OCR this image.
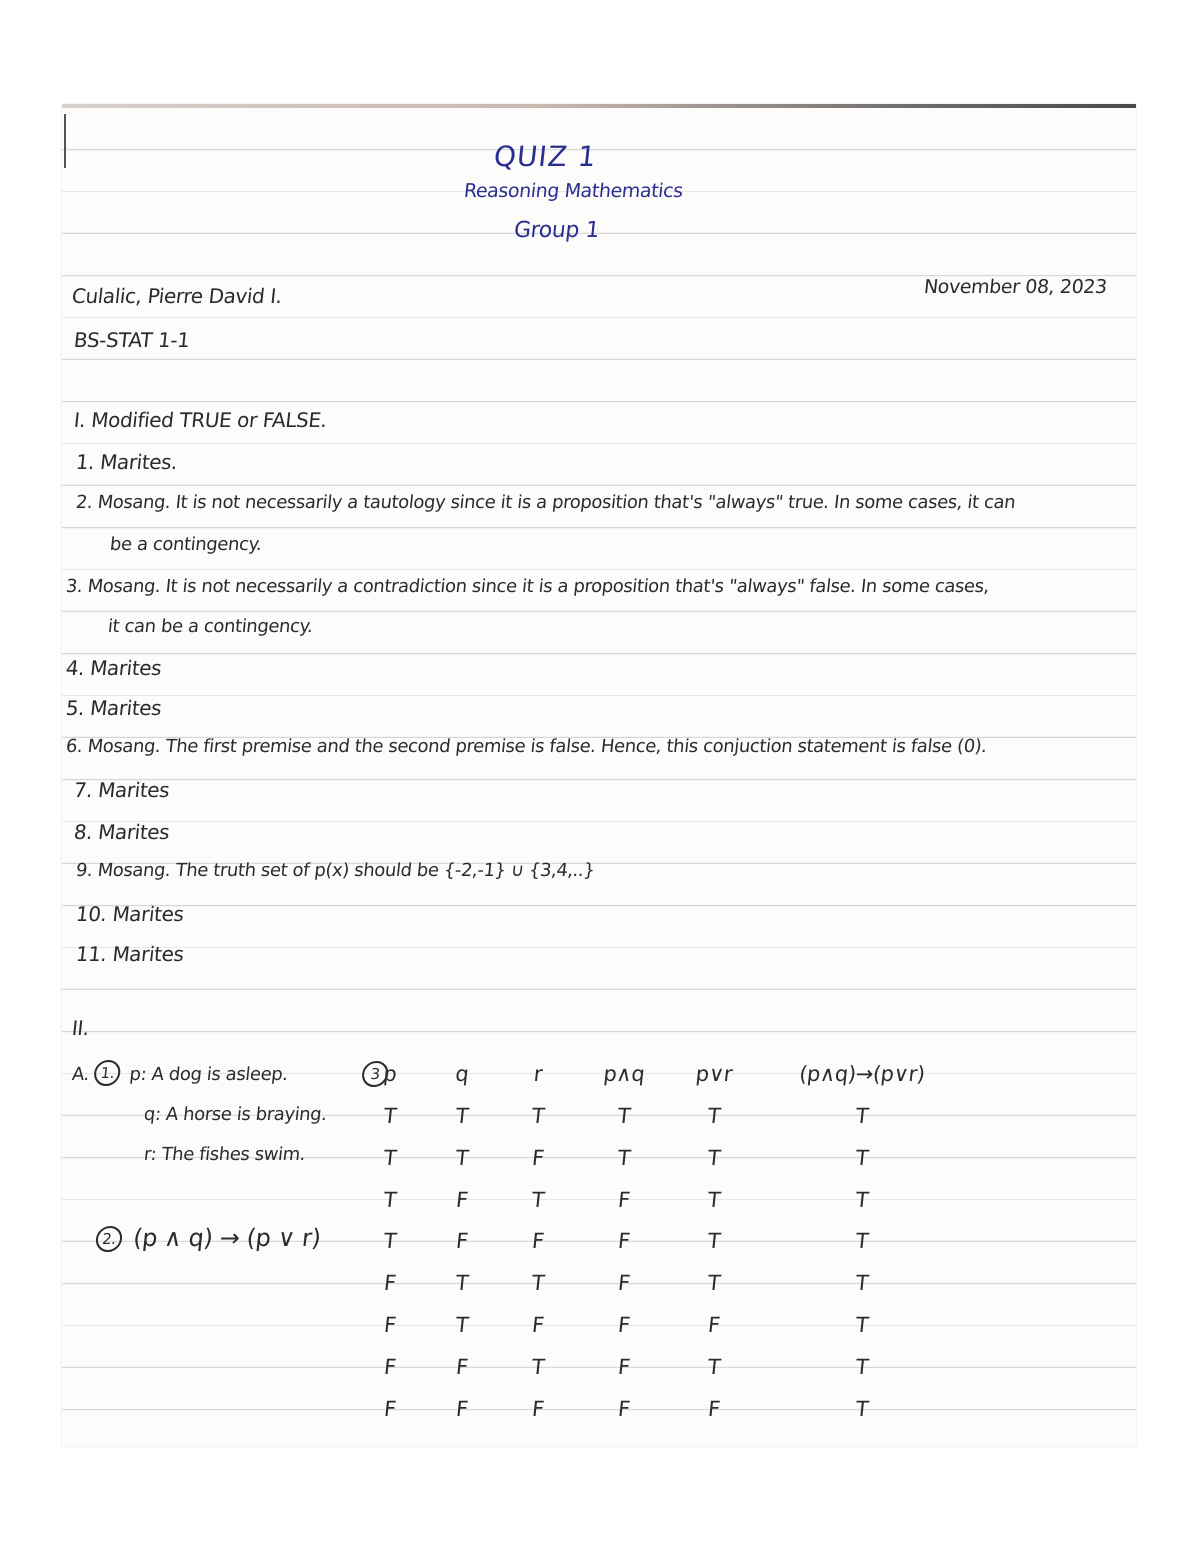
QUIZ 1
Reasoning Mathematics
Group 1
Culalic, Pierre David I.	November 08, 2023
BS-STAT 1-1
I. Modified TRUE or FALSE.
1. Marites.
2. Mosang. It is not necessarily a tautology since it is a proposition that's "always" true. In some cases, it can
be a contingency.
3. Mosang. It is not necessarily a contradiction since it is a proposition that's "always" false. In some cases,
it can be a contingency.
4. Marites
5. Marites
6. Mosang. The first premise and the second premise is false. Hence, this conjuction statement is false (0).
7. Marites
8. Marites
9. Mosang. The truth set of p(x) should be {-2,-1} ∪ {3,4,..}
10. Marites
11. Marites
II.
A. 1. p: A dog is asleep.
q: A horse is braying.
r: The fishes swim.
2. (p ∧ q) → (p ∨ r)
3 p	q	r	p∧q	p∨r	(p∧q)→(p∨r)
T	T	T	T	T	T
T	T	F	T	T	T
T	F	T	F	T	T
T	F	F	F	T	T
F	T	T	F	T	T
F	T	F	F	F	T
F	F	T	F	T	T
F	F	F	F	F	T
